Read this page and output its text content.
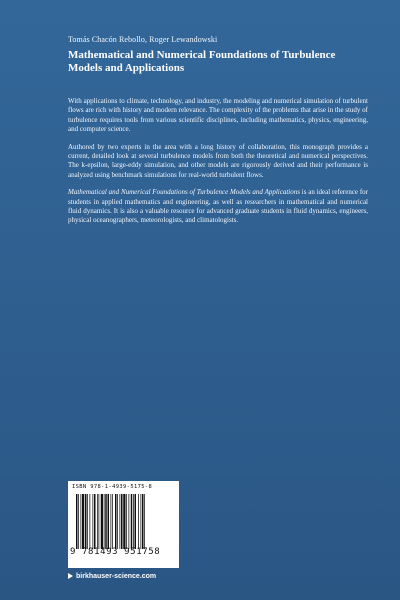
Tomás Chacón Rebollo, Roger Lewandowski
Mathematical and Numerical Foundations of Turbulence Models and Applications

With applications to climate, technology, and industry, the modeling and numerical simulation of turbulent flows are rich with history and modern relevance. The complexity of the problems that arise in the study of turbulence requires tools from various scientific disciplines, including mathematics, physics, engineering, and computer science.

Authored by two experts in the area with a long history of collaboration, this monograph provides a current, detailed look at several turbulence models from both the theoretical and numerical perspectives. The k-epsilon, large-eddy simulation, and other models are rigorously derived and their performance is analyzed using benchmark simulations for real-world turbulent flows.

Mathematical and Numerical Foundations of Turbulence Models and Applications is an ideal reference for students in applied mathematics and engineering, as well as researchers in mathematical and numerical fluid dynamics. It is also a valuable resource for advanced graduate students in fluid dynamics, engineers, physical oceanographers, meteorologists, and climatologists.

ISBN 978-1-4939-5175-8
9 781493 951758
birkhauser-science.com
